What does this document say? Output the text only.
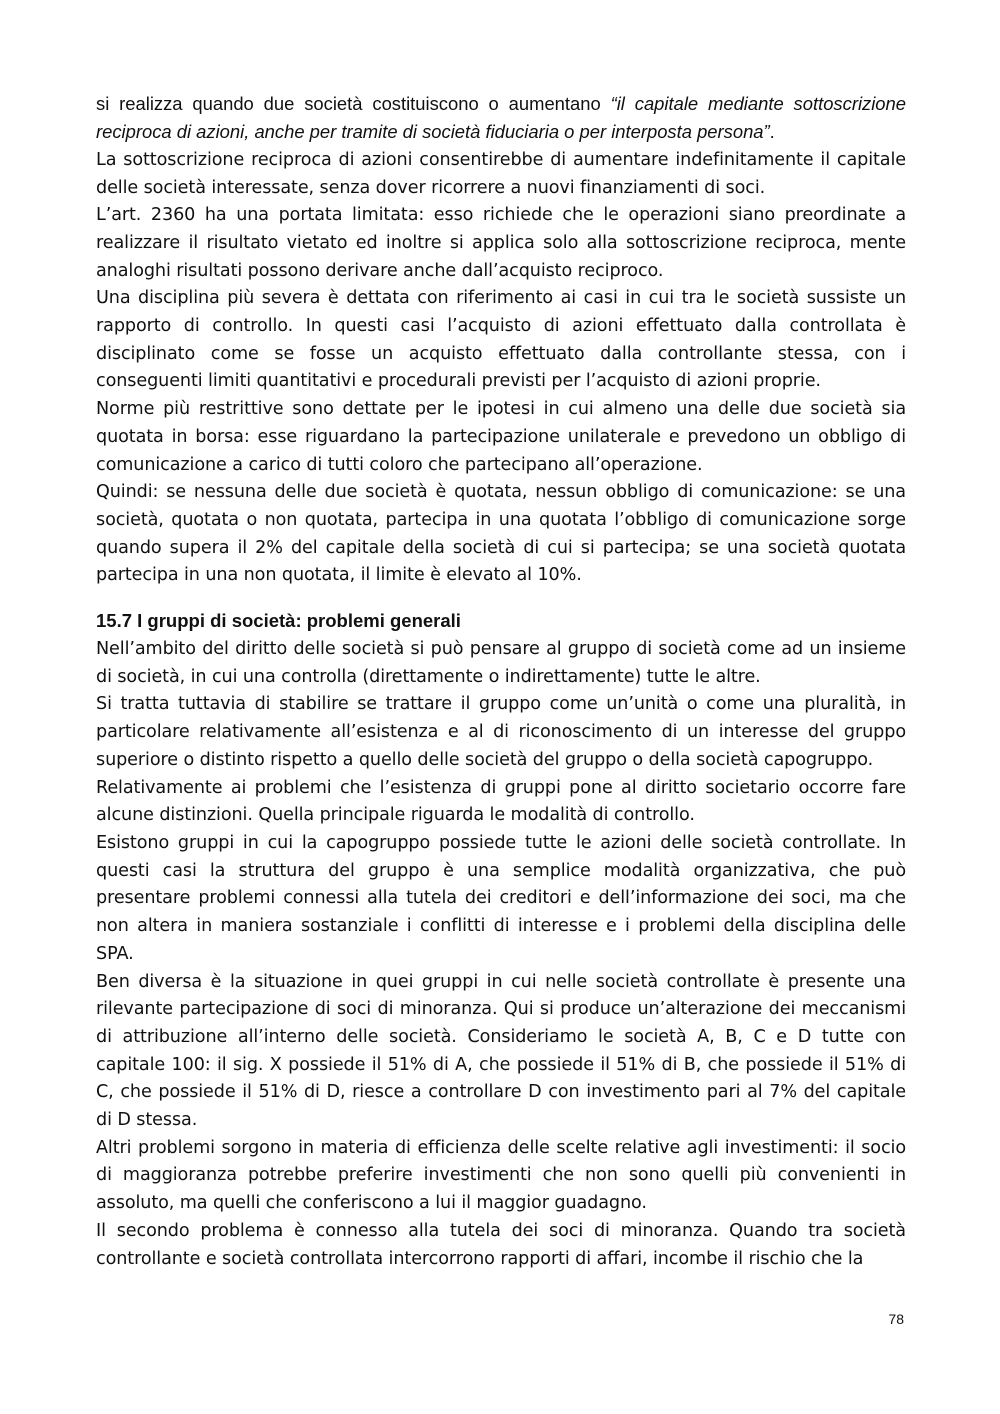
si realizza quando due società costituiscono o aumentano “il capitale mediante sottoscrizione reciproca di azioni, anche per tramite di società fiduciaria o per interposta persona”.

La sottoscrizione reciproca di azioni consentirebbe di aumentare indefinitamente il capitale delle società interessate, senza dover ricorrere a nuovi finanziamenti di soci.

L’art. 2360 ha una portata limitata: esso richiede che le operazioni siano preordinate a realizzare il risultato vietato ed inoltre si applica solo alla sottoscrizione reciproca, mente analoghi risultati possono derivare anche dall’acquisto reciproco.

Una disciplina più severa è dettata con riferimento ai casi in cui tra le società sussiste un rapporto di controllo. In questi casi l’acquisto di azioni effettuato dalla controllata è disciplinato come se fosse un acquisto effettuato dalla controllante stessa, con i conseguenti limiti quantitativi e procedurali previsti per l’acquisto di azioni proprie.

Norme più restrittive sono dettate per le ipotesi in cui almeno una delle due società sia quotata in borsa: esse riguardano la partecipazione unilaterale e prevedono un obbligo di comunicazione a carico di tutti coloro che partecipano all’operazione.

Quindi: se nessuna delle due società è quotata, nessun obbligo di comunicazione: se una società, quotata o non quotata, partecipa in una quotata l’obbligo di comunicazione sorge quando supera il 2% del capitale della società di cui si partecipa; se una società quotata partecipa in una non quotata, il limite è elevato al 10%.

15.7 I gruppi di società: problemi generali

Nell’ambito del diritto delle società si può pensare al gruppo di società come ad un insieme di società, in cui una controlla (direttamente o indirettamente) tutte le altre.

Si tratta tuttavia di stabilire se trattare il gruppo come un’unità o come una pluralità, in particolare relativamente all’esistenza e al di riconoscimento di un interesse del gruppo superiore o distinto rispetto a quello delle società del gruppo o della società capogruppo.

Relativamente ai problemi che l’esistenza di gruppi pone al diritto societario occorre fare alcune distinzioni. Quella principale riguarda le modalità di controllo.

Esistono gruppi in cui la capogruppo possiede tutte le azioni delle società controllate. In questi casi la struttura del gruppo è una semplice modalità organizzativa, che può presentare problemi connessi alla tutela dei creditori e dell’informazione dei soci, ma che non altera in maniera sostanziale i conflitti di interesse e i problemi della disciplina delle SPA.

Ben diversa è la situazione in quei gruppi in cui nelle società controllate è presente una rilevante partecipazione di soci di minoranza. Qui si produce un’alterazione dei meccanismi di attribuzione all’interno delle società. Consideriamo le società A, B, C e D tutte con capitale 100: il sig. X possiede il 51% di A, che possiede il 51% di B, che possiede il 51% di C, che possiede il 51% di D, riesce a controllare D con investimento pari al 7% del capitale di D stessa.

Altri problemi sorgono in materia di efficienza delle scelte relative agli investimenti: il socio di maggioranza potrebbe preferire investimenti che non sono quelli più convenienti in assoluto, ma quelli che conferiscono a lui il maggior guadagno.

Il secondo problema è connesso alla tutela dei soci di minoranza. Quando tra società controllante e società controllata intercorrono rapporti di affari, incombe il rischio che la

78
